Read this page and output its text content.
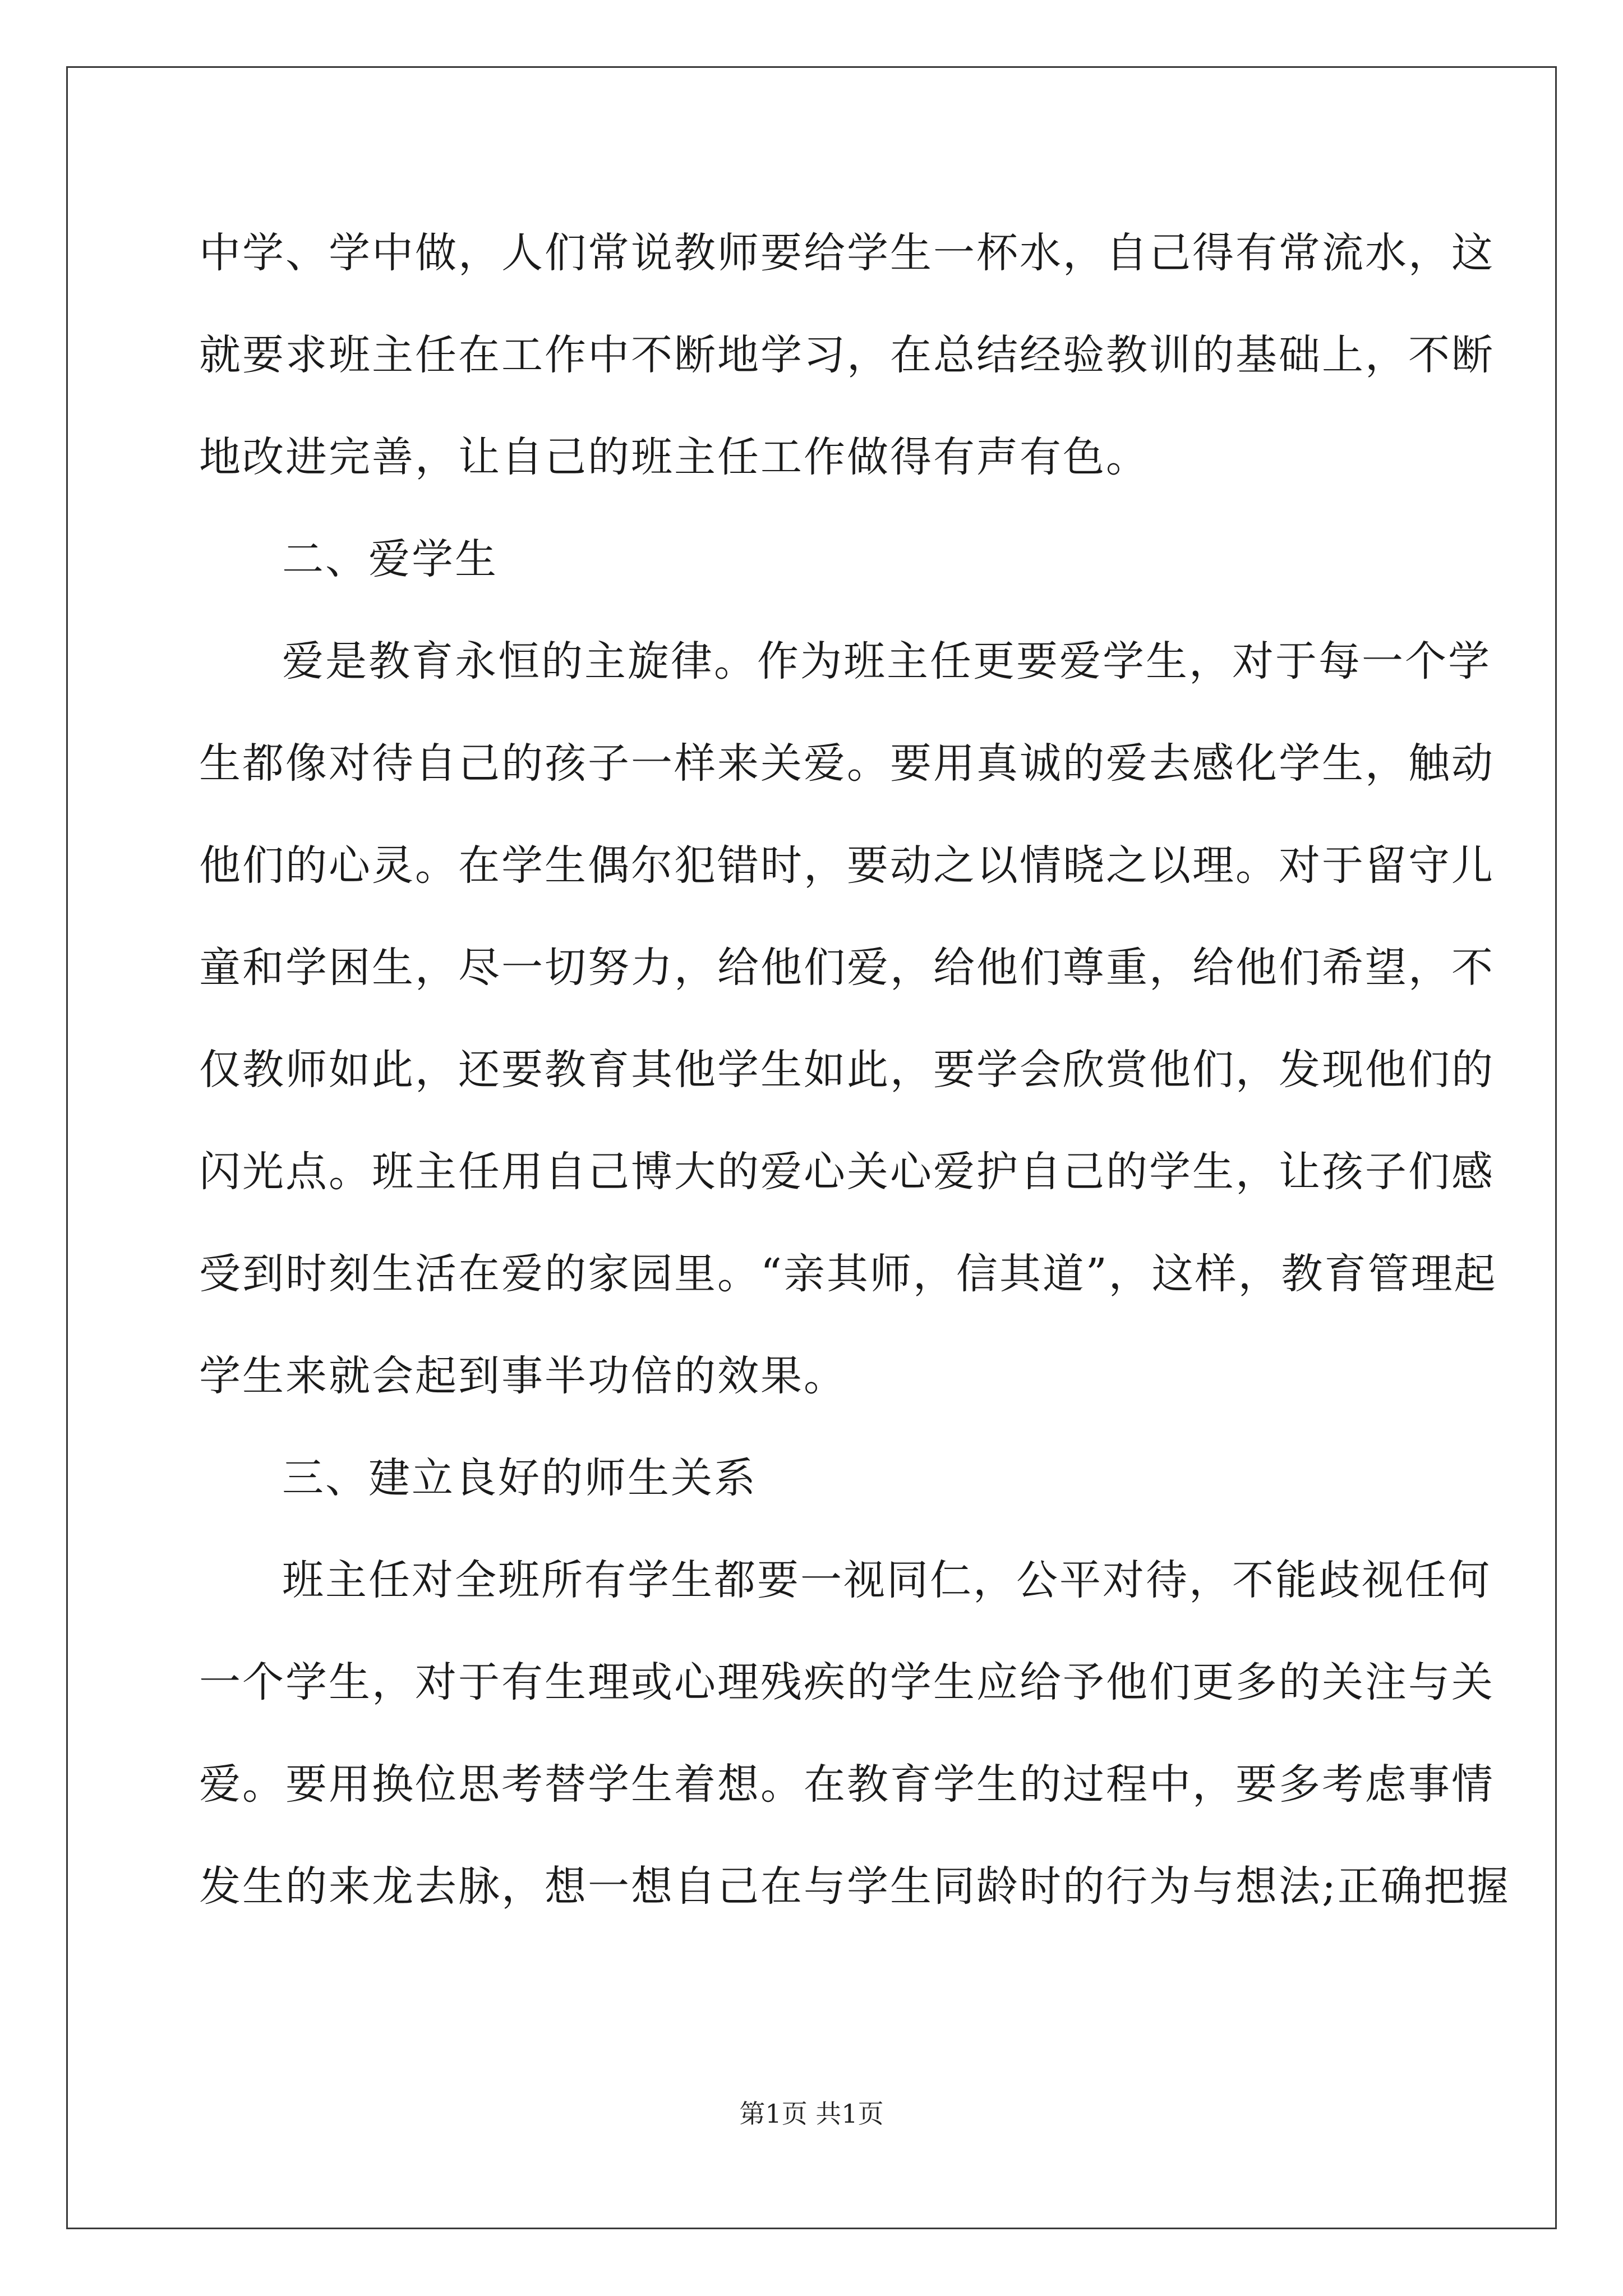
中学、学中做，人们常说教师要给学生一杯水，自己得有常流水，这
就要求班主任在工作中不断地学习，在总结经验教训的基础上，不断
地改进完善，让自己的班主任工作做得有声有色。
二、爱学生
爱是教育永恒的主旋律。作为班主任更要爱学生，对于每一个学
生都像对待自己的孩子一样来关爱。要用真诚的爱去感化学生，触动
他们的心灵。在学生偶尔犯错时，要动之以情晓之以理。对于留守儿
童和学困生，尽一切努力，给他们爱，给他们尊重，给他们希望，不
仅教师如此，还要教育其他学生如此，要学会欣赏他们，发现他们的
闪光点。班主任用自己博大的爱心关心爱护自己的学生，让孩子们感
受到时刻生活在爱的家园里。“亲其师，信其道”，这样，教育管理起
学生来就会起到事半功倍的效果。
三、建立良好的师生关系
班主任对全班所有学生都要一视同仁，公平对待，不能歧视任何
一个学生，对于有生理或心理残疾的学生应给予他们更多的关注与关
爱。要用换位思考替学生着想。在教育学生的过程中，要多考虑事情
发生的来龙去脉，想一想自己在与学生同龄时的行为与想法;正确把握
第1页 共1页
